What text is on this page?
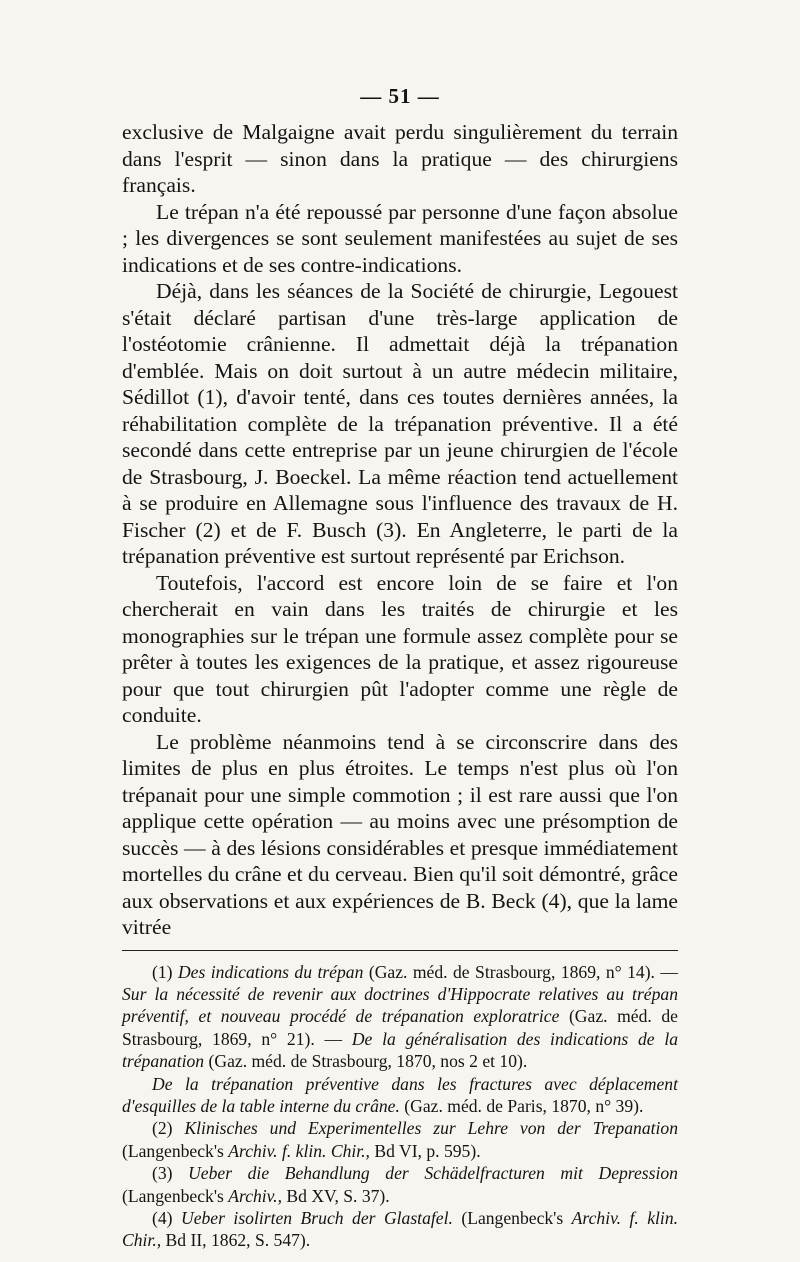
— 51 —

exclusive de Malgaigne avait perdu singulièrement du terrain dans l'esprit — sinon dans la pratique — des chirurgiens français.

Le trépan n'a été repoussé par personne d'une façon absolue ; les divergences se sont seulement manifestées au sujet de ses indications et de ses contre-indications.

Déjà, dans les séances de la Société de chirurgie, Legouest s'était déclaré partisan d'une très-large application de l'ostéotomie crânienne. Il admettait déjà la trépanation d'emblée. Mais on doit surtout à un autre médecin militaire, Sédillot (1), d'avoir tenté, dans ces toutes dernières années, la réhabilitation complète de la trépanation préventive. Il a été secondé dans cette entreprise par un jeune chirurgien de l'école de Strasbourg, J. Boeckel. La même réaction tend actuellement à se produire en Allemagne sous l'influence des travaux de H. Fischer (2) et de F. Busch (3). En Angleterre, le parti de la trépanation préventive est surtout représenté par Erichson.

Toutefois, l'accord est encore loin de se faire et l'on chercherait en vain dans les traités de chirurgie et les monographies sur le trépan une formule assez complète pour se prêter à toutes les exigences de la pratique, et assez rigoureuse pour que tout chirurgien pût l'adopter comme une règle de conduite.

Le problème néanmoins tend à se circonscrire dans des limites de plus en plus étroites. Le temps n'est plus où l'on trépanait pour une simple commotion ; il est rare aussi que l'on applique cette opération — au moins avec une présomption de succès — à des lésions considérables et presque immédiatement mortelles du crâne et du cerveau. Bien qu'il soit démontré, grâce aux observations et aux expériences de B. Beck (4), que la lame vitrée

(1) Des indications du trépan (Gaz. méd. de Strasbourg, 1869, n° 14). — Sur la nécessité de revenir aux doctrines d'Hippocrate relatives au trépan préventif, et nouveau procédé de trépanation exploratrice (Gaz. méd. de Strasbourg, 1869, n° 21). — De la généralisation des indications de la trépanation (Gaz. méd. de Strasbourg, 1870, nos 2 et 10).

De la trépanation préventive dans les fractures avec déplacement d'esquilles de la table interne du crâne. (Gaz. méd. de Paris, 1870, n° 39).

(2) Klinisches und Experimentelles zur Lehre von der Trepanation (Langenbeck's Archiv. f. klin. Chir., Bd VI, p. 595).

(3) Ueber die Behandlung der Schädelfracturen mit Depression (Langenbeck's Archiv., Bd XV, S. 37).

(4) Ueber isolirten Bruch der Glastafel. (Langenbeck's Archiv. f. klin. Chir., Bd II, 1862, S. 547).
